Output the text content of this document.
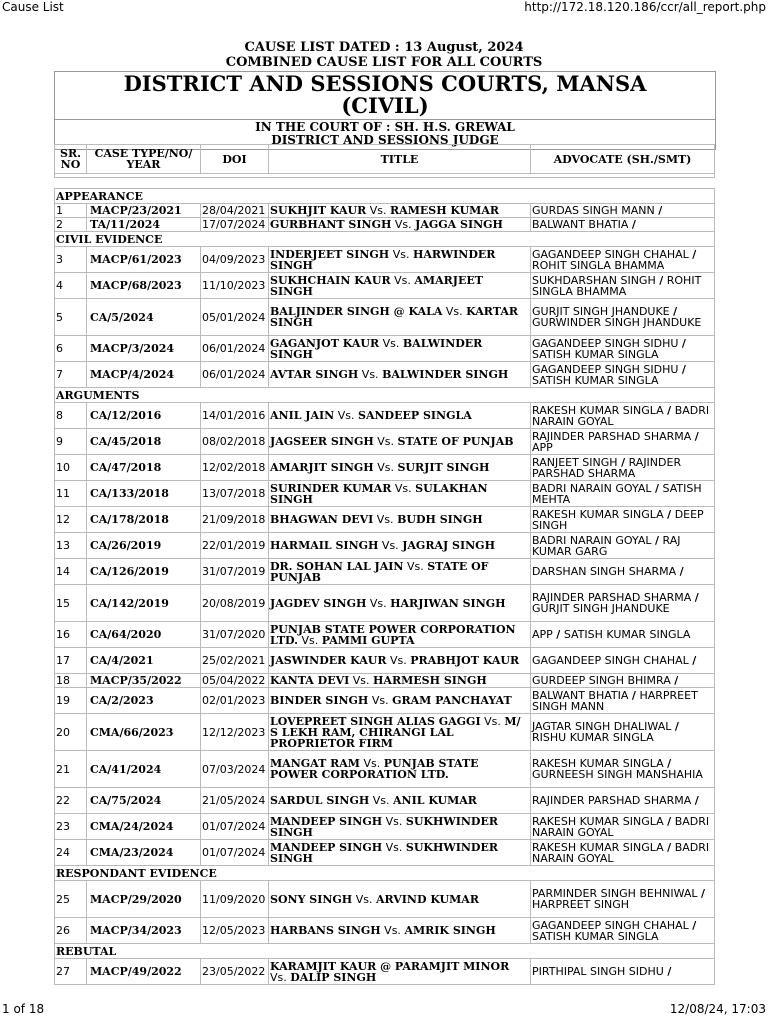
Cause List	http://172.18.120.186/ccr/all_report.php
CAUSE LIST DATED : 13 August, 2024
COMBINED CAUSE LIST FOR ALL COURTS
DISTRICT AND SESSIONS COURTS, MANSA
(CIVIL)
IN THE COURT OF : SH. H.S. GREWAL
DISTRICT AND SESSIONS JUDGE
SR. NO	CASE TYPE/NO/ YEAR	DOI	TITLE	ADVOCATE (SH./SMT)

APPEARANCE				
1	MACP/23/2021	28/04/2021	SUKHJIT KAUR Vs. RAMESH KUMAR	GURDAS SINGH MANN /
2	TA/11/2024	17/07/2024	GURBHANT SINGH Vs. JAGGA SINGH	BALWANT BHATIA /
CIVIL EVIDENCE				
3	MACP/61/2023	04/09/2023	INDERJEET SINGH Vs. HARWINDER SINGH	GAGANDEEP SINGH CHAHAL / ROHIT SINGLA BHAMMA
4	MACP/68/2023	11/10/2023	SUKHCHAIN KAUR Vs. AMARJEET SINGH	SUKHDARSHAN SINGH / ROHIT SINGLA BHAMMA
5	CA/5/2024	05/01/2024	BALJINDER SINGH @ KALA Vs. KARTAR SINGH	GURJIT SINGH JHANDUKE / GURWINDER SINGH JHANDUKE
6	MACP/3/2024	06/01/2024	GAGANJOT KAUR Vs. BALWINDER SINGH	GAGANDEEP SINGH SIDHU / SATISH KUMAR SINGLA
7	MACP/4/2024	06/01/2024	AVTAR SINGH Vs. BALWINDER SINGH	GAGANDEEP SINGH SIDHU / SATISH KUMAR SINGLA
ARGUMENTS				
8	CA/12/2016	14/01/2016	ANIL JAIN Vs. SANDEEP SINGLA	RAKESH KUMAR SINGLA / BADRI NARAIN GOYAL
9	CA/45/2018	08/02/2018	JAGSEER SINGH Vs. STATE OF PUNJAB	RAJINDER PARSHAD SHARMA / APP
10	CA/47/2018	12/02/2018	AMARJIT SINGH Vs. SURJIT SINGH	RANJEET SINGH / RAJINDER PARSHAD SHARMA
11	CA/133/2018	13/07/2018	SURINDER KUMAR Vs. SULAKHAN SINGH	BADRI NARAIN GOYAL / SATISH MEHTA
12	CA/178/2018	21/09/2018	BHAGWAN DEVI Vs. BUDH SINGH	RAKESH KUMAR SINGLA / DEEP SINGH
13	CA/26/2019	22/01/2019	HARMAIL SINGH Vs. JAGRAJ SINGH	BADRI NARAIN GOYAL / RAJ KUMAR GARG
14	CA/126/2019	31/07/2019	DR. SOHAN LAL JAIN Vs. STATE OF PUNJAB	DARSHAN SINGH SHARMA /
15	CA/142/2019	20/08/2019	JAGDEV SINGH Vs. HARJIWAN SINGH	RAJINDER PARSHAD SHARMA / GURJIT SINGH JHANDUKE
16	CA/64/2020	31/07/2020	PUNJAB STATE POWER CORPORATION LTD. Vs. PAMMI GUPTA	APP / SATISH KUMAR SINGLA
17	CA/4/2021	25/02/2021	JASWINDER KAUR Vs. PRABHJOT KAUR	GAGANDEEP SINGH CHAHAL /
18	MACP/35/2022	05/04/2022	KANTA DEVI Vs. HARMESH SINGH	GURDEEP SINGH BHIMRA /
19	CA/2/2023	02/01/2023	BINDER SINGH Vs. GRAM PANCHAYAT	BALWANT BHATIA / HARPREET SINGH MANN
20	CMA/66/2023	12/12/2023	LOVEPREET SINGH ALIAS GAGGI Vs. M/ S LEKH RAM, CHIRANGI LAL PROPRIETOR FIRM	JAGTAR SINGH DHALIWAL / RISHU KUMAR SINGLA
21	CA/41/2024	07/03/2024	MANGAT RAM Vs. PUNJAB STATE POWER CORPORATION LTD.	RAKESH KUMAR SINGLA / GURNEESH SINGH MANSHAHIA
22	CA/75/2024	21/05/2024	SARDUL SINGH Vs. ANIL KUMAR	RAJINDER PARSHAD SHARMA /
23	CMA/24/2024	01/07/2024	MANDEEP SINGH Vs. SUKHWINDER SINGH	RAKESH KUMAR SINGLA / BADRI NARAIN GOYAL
24	CMA/23/2024	01/07/2024	MANDEEP SINGH Vs. SUKHWINDER SINGH	RAKESH KUMAR SINGLA / BADRI NARAIN GOYAL
RESPONDANT EVIDENCE				
25	MACP/29/2020	11/09/2020	SONY SINGH Vs. ARVIND KUMAR	PARMINDER SINGH BEHNIWAL / HARPREET SINGH
26	MACP/34/2023	12/05/2023	HARBANS SINGH Vs. AMRIK SINGH	GAGANDEEP SINGH CHAHAL / SATISH KUMAR SINGLA
REBUTAL				
27	MACP/49/2022	23/05/2022	KARAMJIT KAUR @ PARAMJIT MINOR Vs. DALIP SINGH	PIRTHIPAL SINGH SIDHU /
1 of 18	12/08/24, 17:03
